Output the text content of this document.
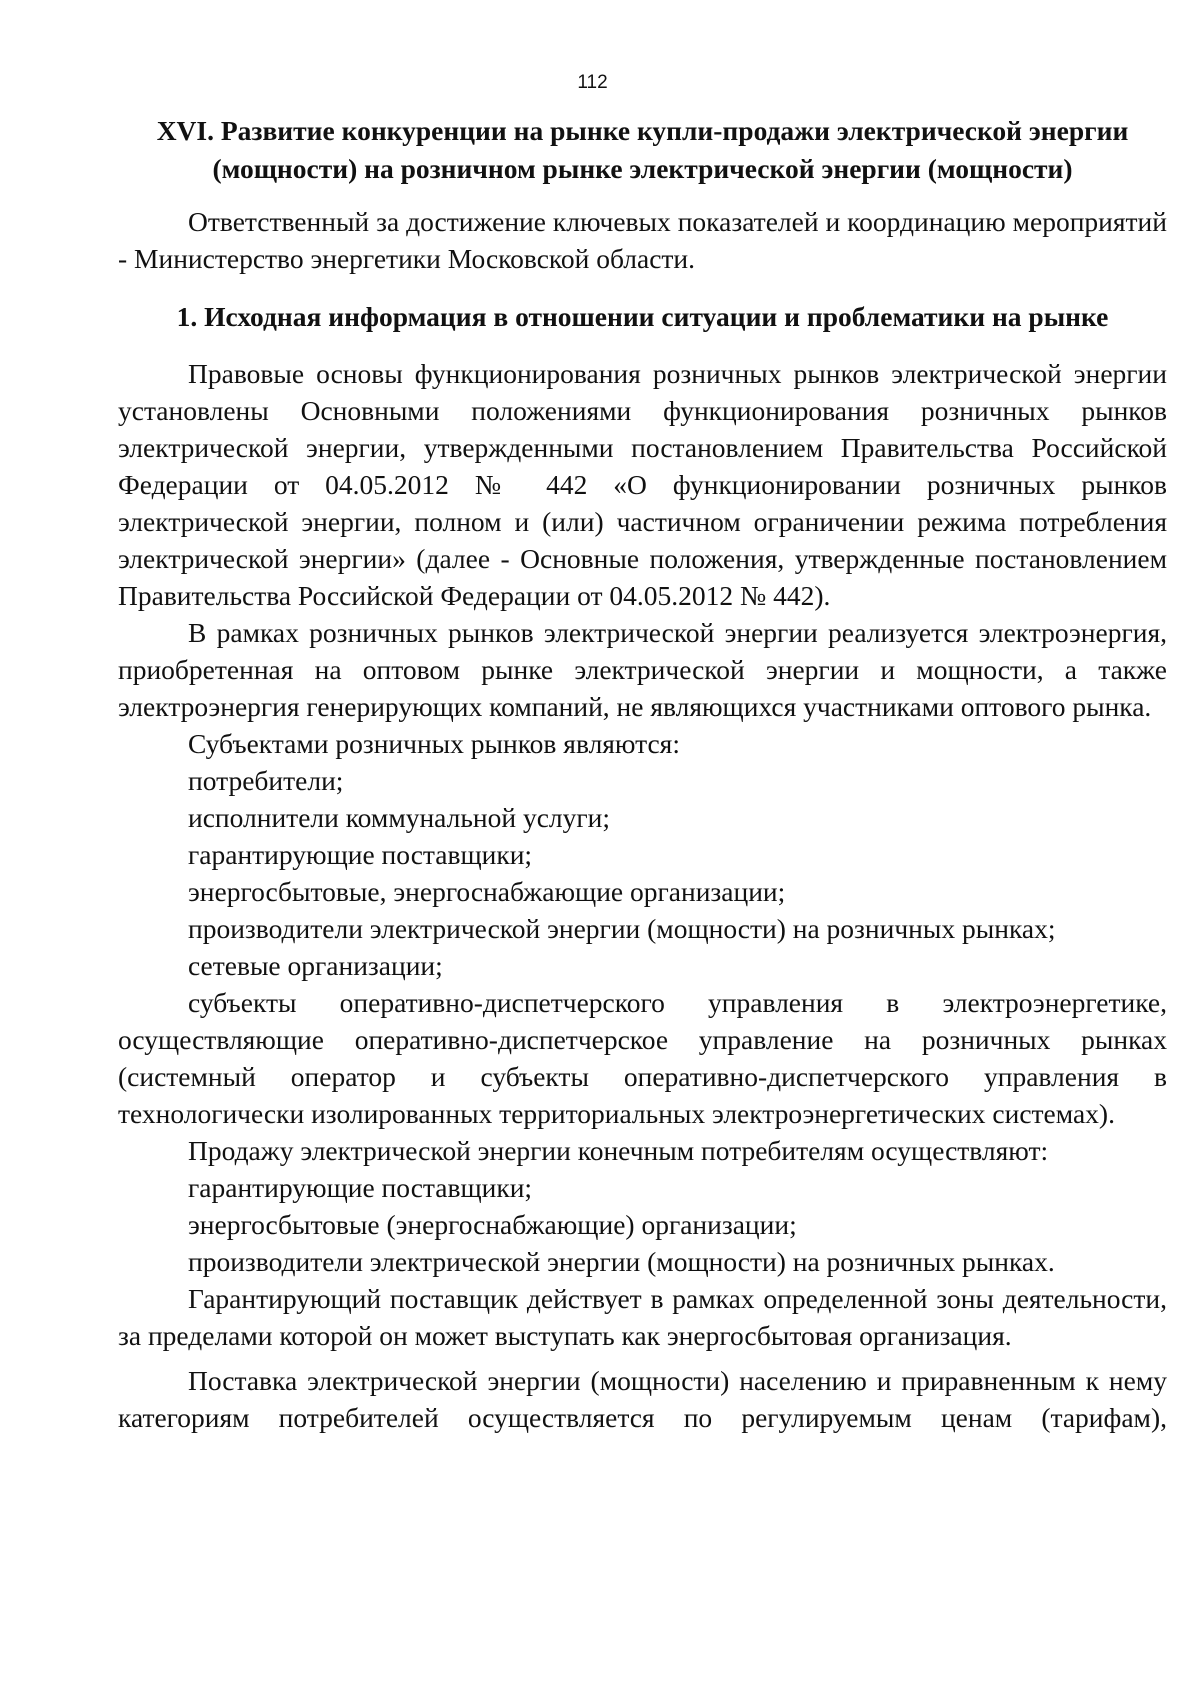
112
XVI. Развитие конкуренции на рынке купли-продажи электрической энергии
(мощности) на розничном рынке электрической энергии (мощности)

Ответственный за достижение ключевых показателей и координацию мероприятий - Министерство энергетики Московской области.

1. Исходная информация в отношении ситуации и проблематики на рынке

Правовые основы функционирования розничных рынков электрической энергии установлены Основными положениями функционирования розничных рынков электрической энергии, утвержденными постановлением Правительства Российской Федерации от 04.05.2012 № 442 «О функционировании розничных рынков электрической энергии, полном и (или) частичном ограничении режима потребления электрической энергии» (далее - Основные положения, утвержденные постановлением Правительства Российской Федерации от 04.05.2012 № 442).

В рамках розничных рынков электрической энергии реализуется электроэнергия, приобретенная на оптовом рынке электрической энергии и мощности, а также электроэнергия генерирующих компаний, не являющихся участниками оптового рынка.

Субъектами розничных рынков являются:

потребители;

исполнители коммунальной услуги;

гарантирующие поставщики;

энергосбытовые, энергоснабжающие организации;

производители электрической энергии (мощности) на розничных рынках;

сетевые организации;

субъекты оперативно-диспетчерского управления в электроэнергетике, осуществляющие оперативно-диспетчерское управление на розничных рынках (системный оператор и субъекты оперативно-диспетчерского управления в технологически изолированных территориальных электроэнергетических системах).

Продажу электрической энергии конечным потребителям осуществляют:

гарантирующие поставщики;

энергосбытовые (энергоснабжающие) организации;

производители электрической энергии (мощности) на розничных рынках.

Гарантирующий поставщик действует в рамках определенной зоны деятельности, за пределами которой он может выступать как энергосбытовая организация.

Поставка электрической энергии (мощности) населению и приравненным к нему категориям потребителей осуществляется по регулируемым ценам (тарифам),
